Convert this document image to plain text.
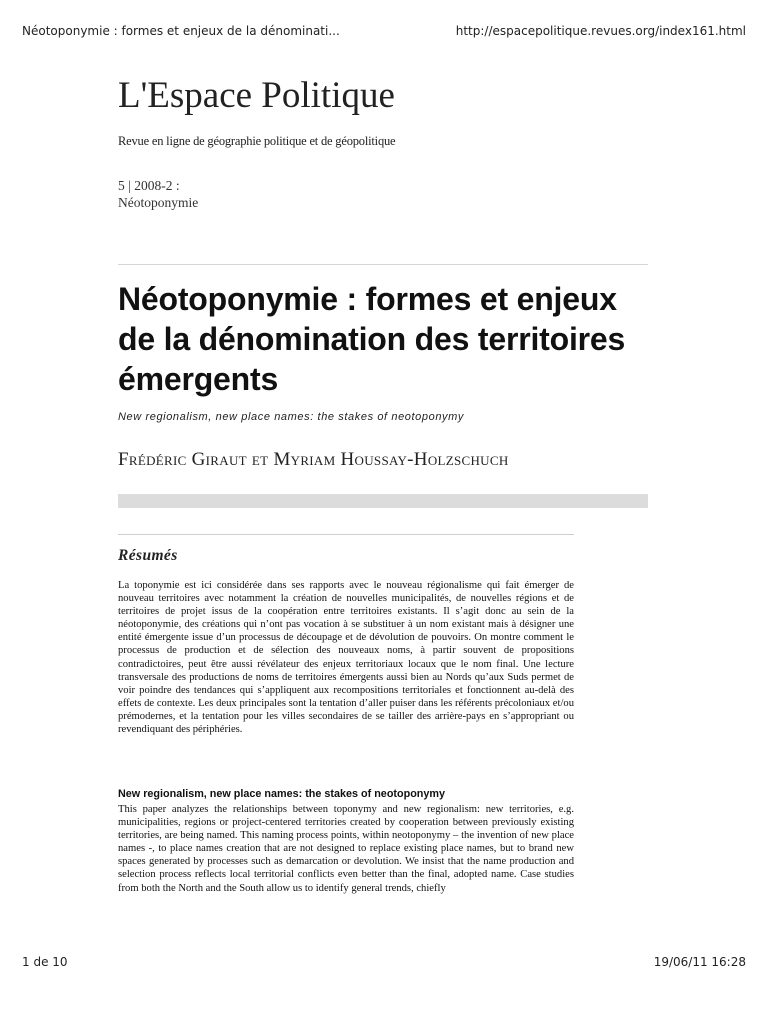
Néotoponymie : formes et enjeux de la dénominati...	http://espacepolitique.revues.org/index161.html
L'Espace Politique
Revue en ligne de géographie politique et de géopolitique
5 | 2008-2 :
Néotoponymie
Néotoponymie : formes et enjeux de la dénomination des territoires émergents
New regionalism, new place names: the stakes of neotoponymy
Frédéric Giraut et Myriam Houssay-Holzschuch
Résumés

La toponymie est ici considérée dans ses rapports avec le nouveau régionalisme qui fait émerger de nouveau territoires avec notamment la création de nouvelles municipalités, de nouvelles régions et de territoires de projet issus de la coopération entre territoires existants. Il s’agit donc au sein de la néotoponymie, des créations qui n’ont pas vocation à se substituer à un nom existant mais à désigner une entité émergente issue d’un processus de découpage et de dévolution de pouvoirs. On montre comment le processus de production et de sélection des nouveaux noms, à partir souvent de propositions contradictoires, peut être aussi révélateur des enjeux territoriaux locaux que le nom final. Une lecture transversale des productions de noms de territoires émergents aussi bien au Nords qu’aux Suds permet de voir poindre des tendances qui s’appliquent aux recompositions territoriales et fonctionnent au-delà des effets de contexte. Les deux principales sont la tentation d’aller puiser dans les référents précoloniaux et/ou prémodernes, et la tentation pour les villes secondaires de se tailler des arrière-pays en s’appropriant ou revendiquant des périphéries.

New regionalism, new place names: the stakes of neotoponymy

This paper analyzes the relationships between toponymy and new regionalism: new territories, e.g. municipalities, regions or project-centered territories created by cooperation between previously existing territories, are being named. This naming process points, within neotoponymy – the invention of new place names -, to place names creation that are not designed to replace existing place names, but to brand new spaces generated by processes such as demarcation or devolution. We insist that the name production and selection process reflects local territorial conflicts even better than the final, adopted name. Case studies from both the North and the South allow us to identify general trends, chiefly

1 de 10	19/06/11 16:28
